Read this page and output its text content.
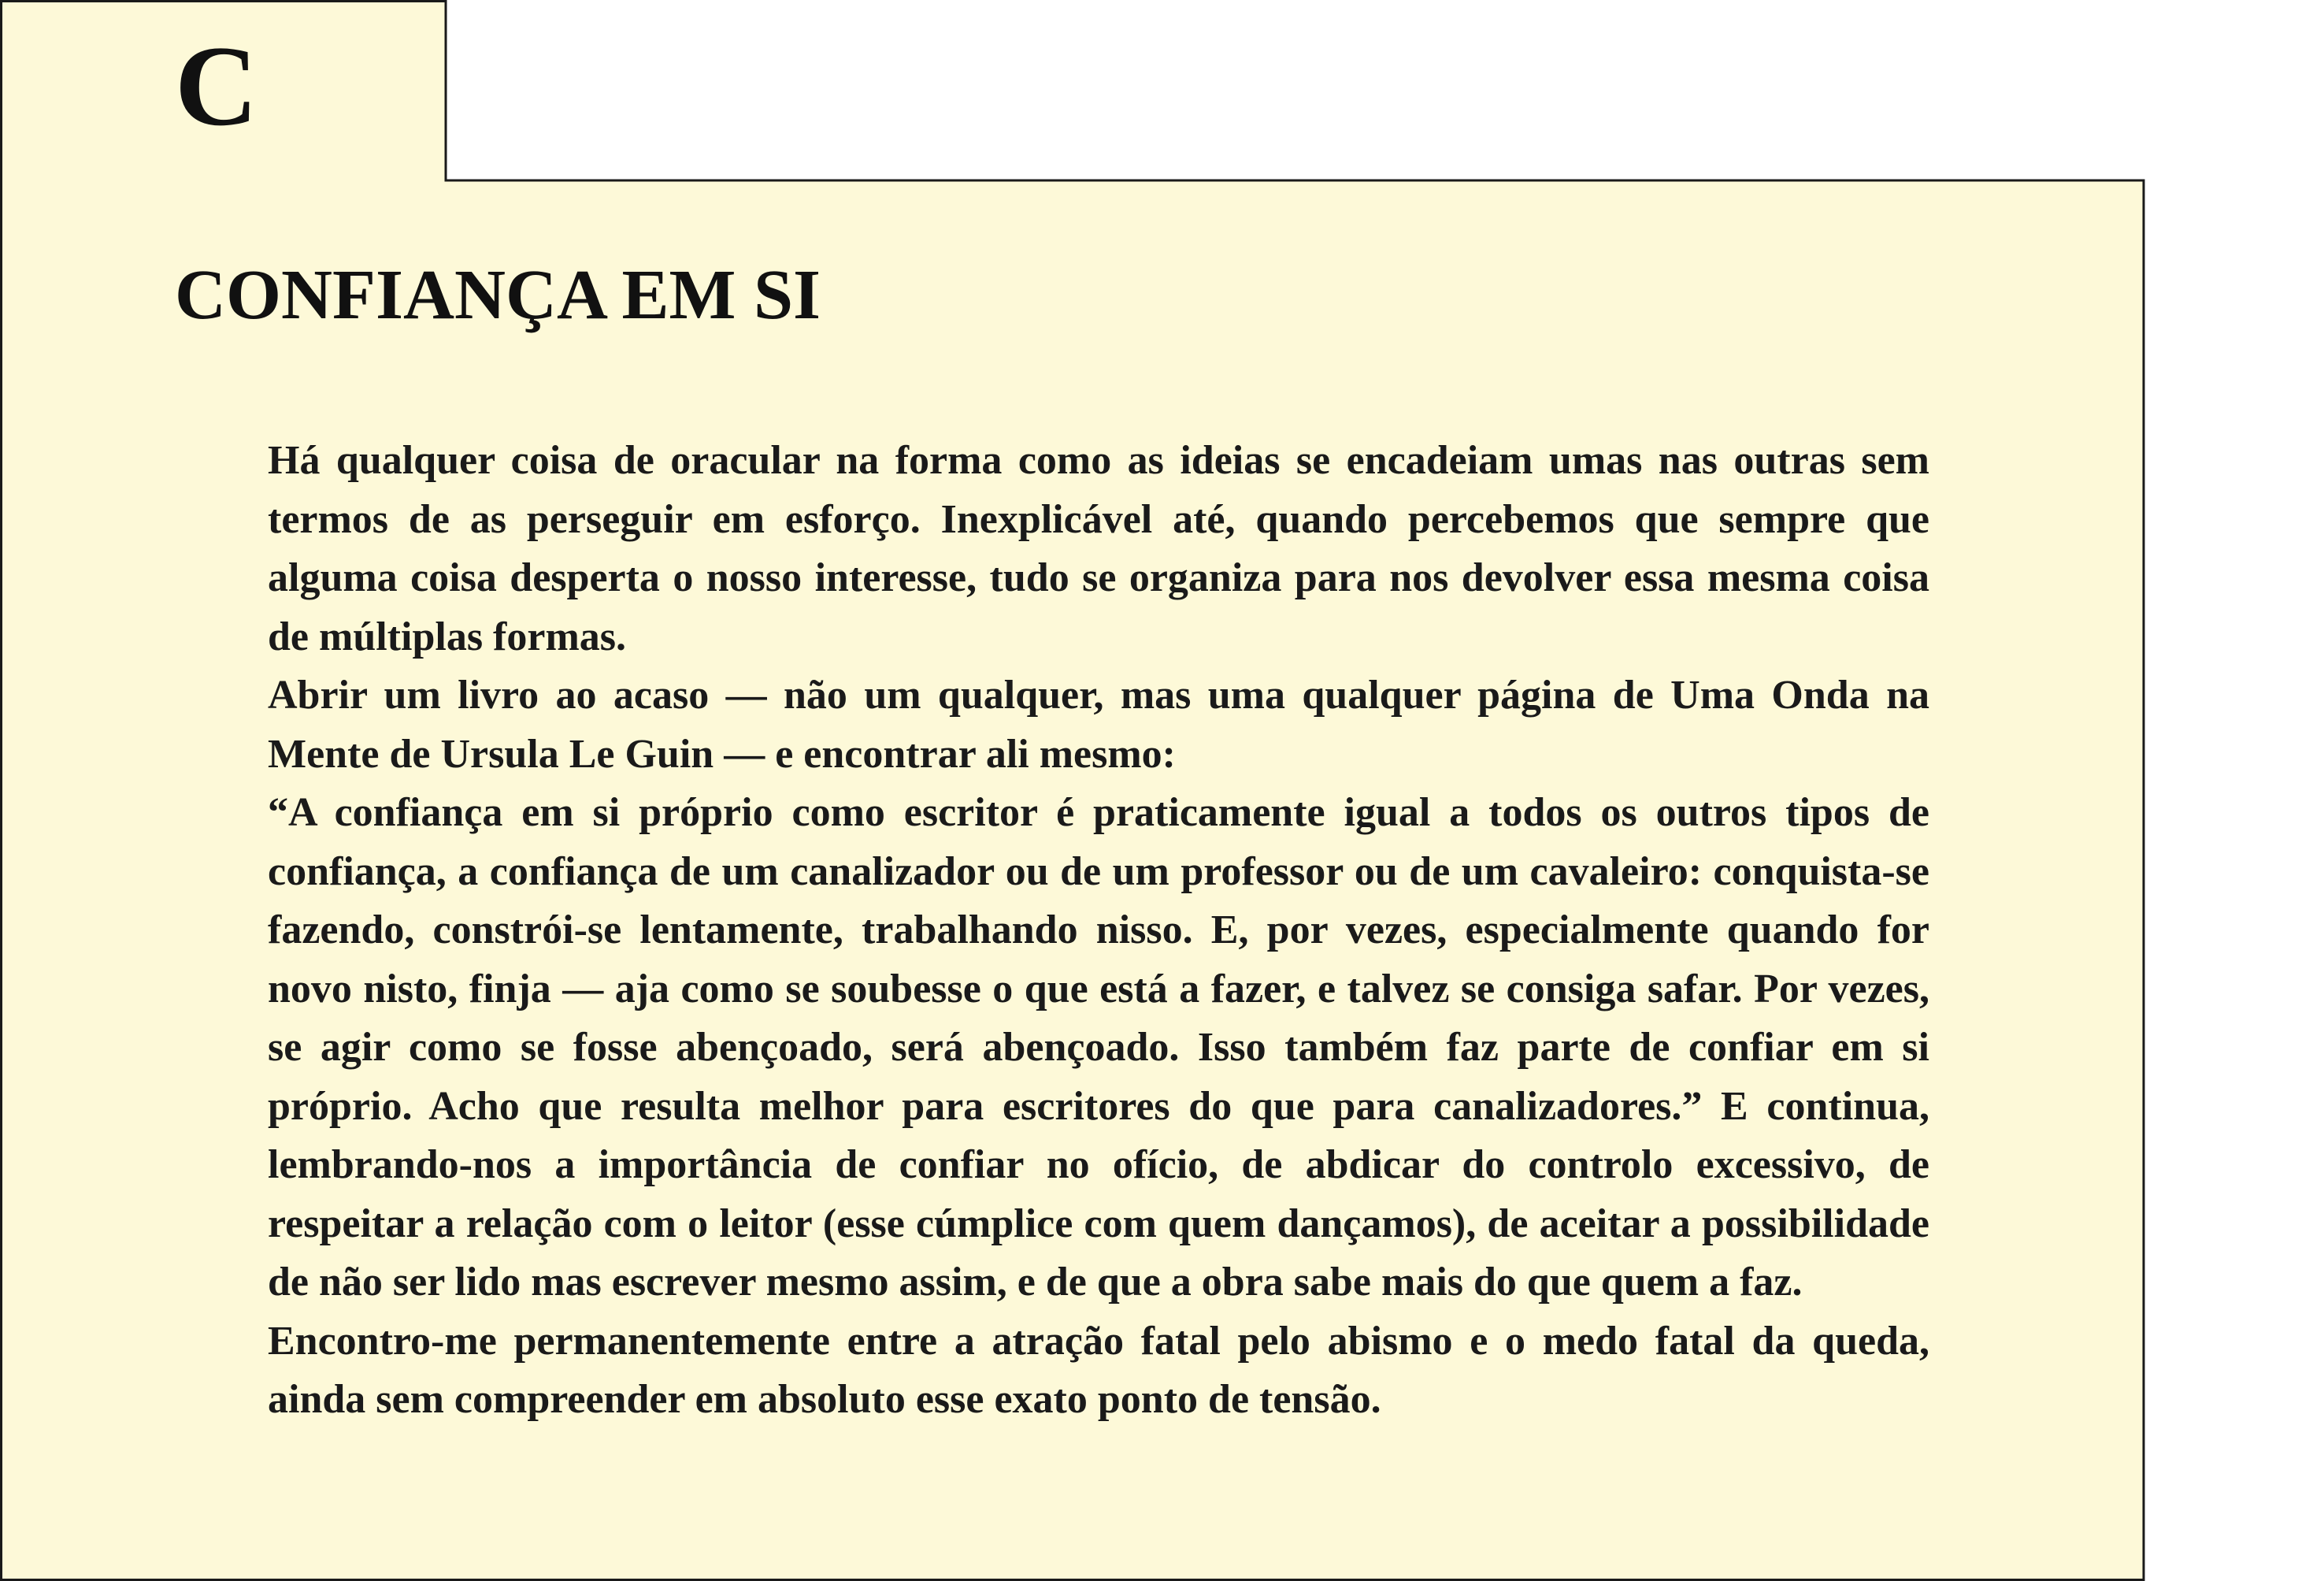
C
CONFIANÇA EM SI

Há qualquer coisa de oracular na forma como as ideias se encadeiam umas nas outras sem termos de as perseguir em esforço. Inexplicável até, quando percebemos que sempre que alguma coisa desperta o nosso interesse, tudo se organiza para nos devolver essa mesma coisa de múltiplas formas.

Abrir um livro ao acaso — não um qualquer, mas uma qualquer página de Uma Onda na Mente de Ursula Le Guin — e encontrar ali mesmo:

“A confiança em si próprio como escritor é praticamente igual a todos os outros tipos de confiança, a confiança de um canalizador ou de um professor ou de um cavaleiro: conquista-se fazendo, constrói-se lentamente, trabalhando nisso. E, por vezes, especialmente quando for novo nisto, finja — aja como se soubesse o que está a fazer, e talvez se consiga safar. Por vezes, se agir como se fosse abençoado, será abençoado. Isso também faz parte de confiar em si próprio. Acho que resulta melhor para escritores do que para canalizadores.” E continua, lembrando-nos a importância de confiar no ofício, de abdicar do controlo excessivo, de respeitar a relação com o leitor (esse cúmplice com quem dançamos), de aceitar a possibilidade de não ser lido mas escrever mesmo assim, e de que a obra sabe mais do que quem a faz.

Encontro-me permanentemente entre a atração fatal pelo abismo e o medo fatal da queda, ainda sem compreender em absoluto esse exato ponto de tensão.
